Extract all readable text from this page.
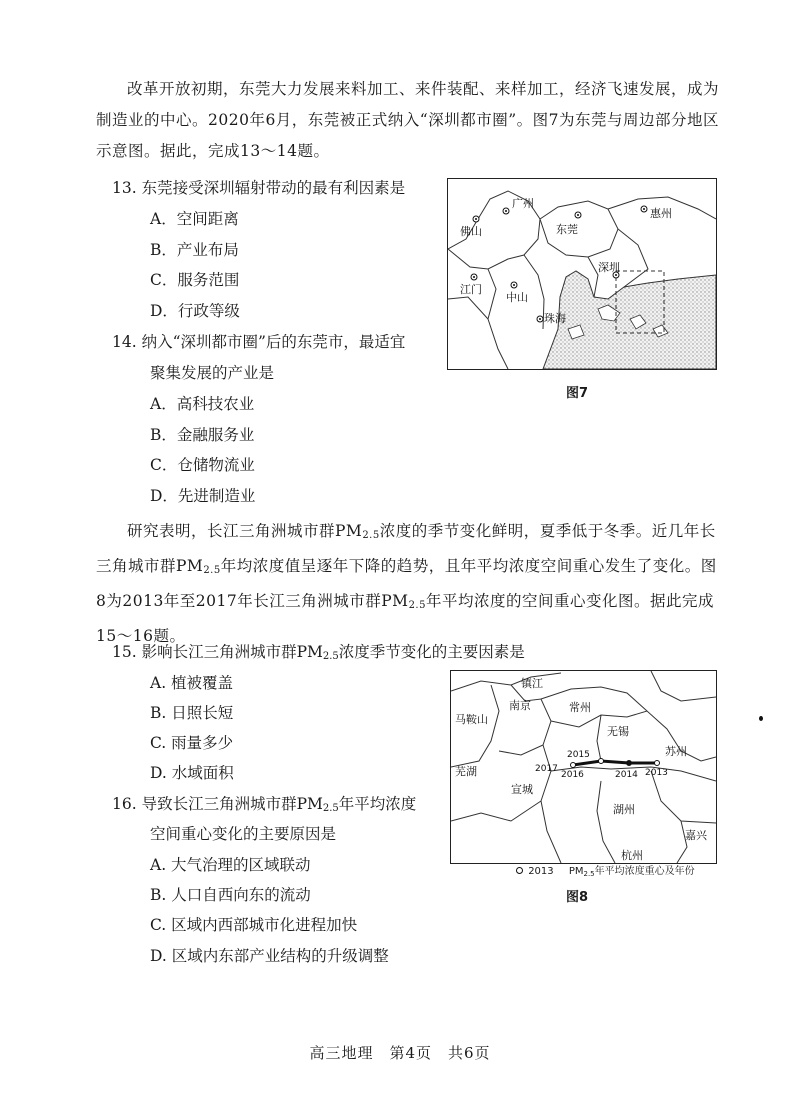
改革开放初期，东莞大力发展来料加工、来件装配、来样加工，经济飞速发展，成为制造业的中心。2020年6月，东莞被正式纳入“深圳都市圈”。图7为东莞与周边部分地区示意图。据此，完成13～14题。
13. 东莞接受深圳辐射带动的最有利因素是
A．空间距离
B．产业布局
C．服务范围
D．行政等级
14. 纳入“深圳都市圈”后的东莞市，最适宜
聚集发展的产业是
A．高科技农业
B．金融服务业
C．仓储物流业
D．先进制造业
广州
佛山	东莞
惠州
深圳
江门
中山
珠海
图7
研究表明，长江三角洲城市群$PM_{2.5}$浓度的季节变化鲜明，夏季低于冬季。近几年长三角城市群$PM_{2.5}$年均浓度值呈逐年下降的趋势，且年平均浓度空间重心发生了变化。图8为2013年至2017年长江三角洲城市群$PM_{2.5}$年平均浓度的空间重心变化图。据此完成15～16题。
15. 影响长江三角洲城市群$PM_{2.5}$浓度季节变化的主要因素是
A. 植被覆盖
B. 日照长短
C. 雨量多少
D. 水域面积
16. 导致长江三角洲城市群$PM_{2.5}$年平均浓度
空间重心变化的主要原因是
A. 大气治理的区域联动
B. 人口自西向东的流动
C. 区域内西部城市化进程加快
D. 区域内东部产业结构的升级调整
镇江
南京	常州
马鞍山
无锡
苏州
芜湖
宣城
湖州
嘉兴
杭州
2017
2016
2015
2014 2013
2013 $PM_{2.5}$年平均浓度重心及年份
图8
高三地理　第4页　共6页
